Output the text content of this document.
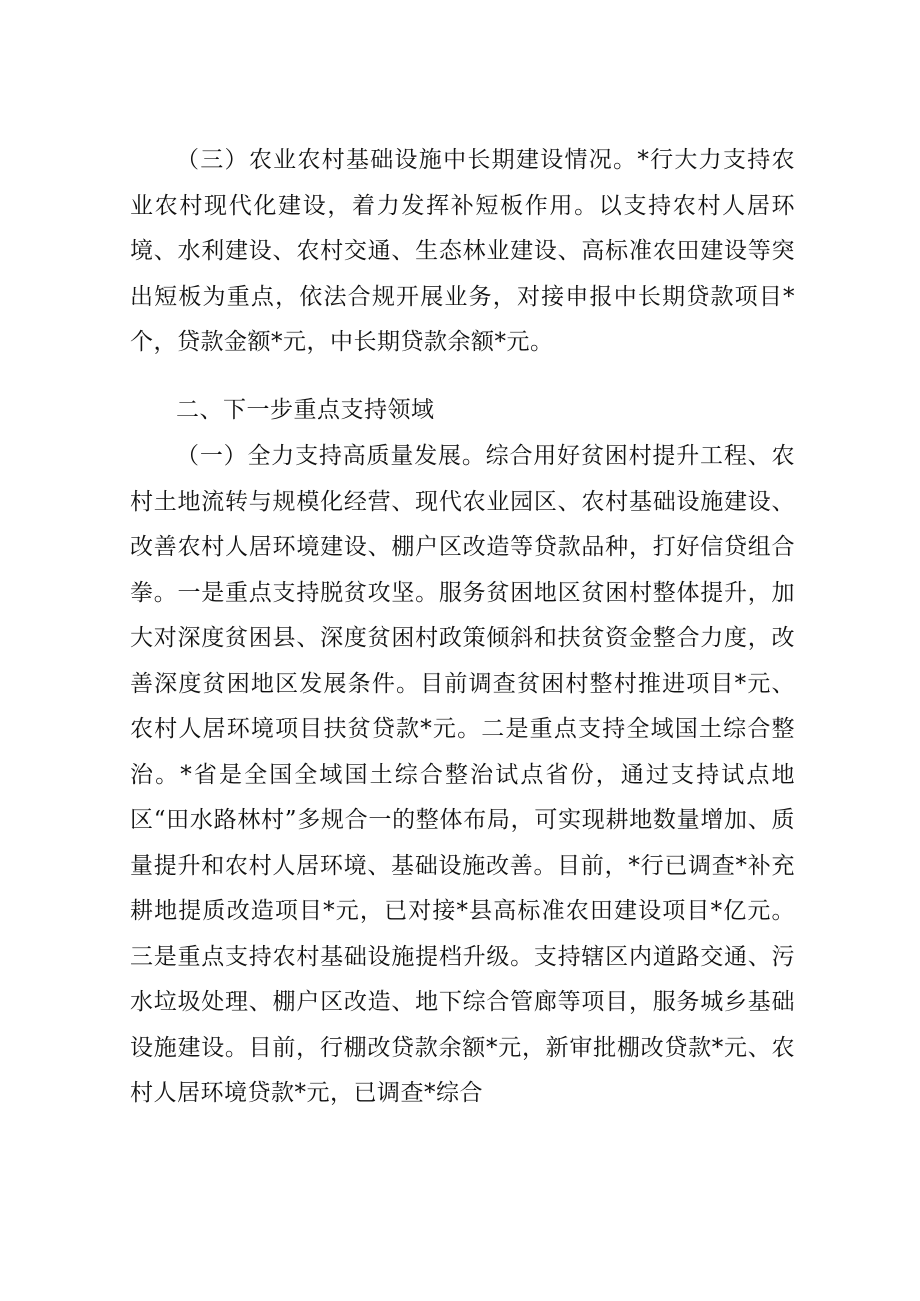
（三）农业农村基础设施中长期建设情况。*行大力支持农业农村现代化建设，着力发挥补短板作用。以支持农村人居环境、水利建设、农村交通、生态林业建设、高标准农田建设等突出短板为重点，依法合规开展业务，对接申报中长期贷款项目*个，贷款金额*元，中长期贷款余额*元。

二、下一步重点支持领域

（一）全力支持高质量发展。综合用好贫困村提升工程、农村土地流转与规模化经营、现代农业园区、农村基础设施建设、改善农村人居环境建设、棚户区改造等贷款品种，打好信贷组合拳。一是重点支持脱贫攻坚。服务贫困地区贫困村整体提升，加大对深度贫困县、深度贫困村政策倾斜和扶贫资金整合力度，改善深度贫困地区发展条件。目前调查贫困村整村推进项目*元、农村人居环境项目扶贫贷款*元。二是重点支持全域国土综合整治。*省是全国全域国土综合整治试点省份，通过支持试点地区“田水路林村”多规合一的整体布局，可实现耕地数量增加、质量提升和农村人居环境、基础设施改善。目前，*行已调查*补充耕地提质改造项目*元，已对接*县高标准农田建设项目*亿元。三是重点支持农村基础设施提档升级。支持辖区内道路交通、污水垃圾处理、棚户区改造、地下综合管廊等项目，服务城乡基础设施建设。目前，行棚改贷款余额*元，新审批棚改贷款*元、农村人居环境贷款*元，已调查*综合
